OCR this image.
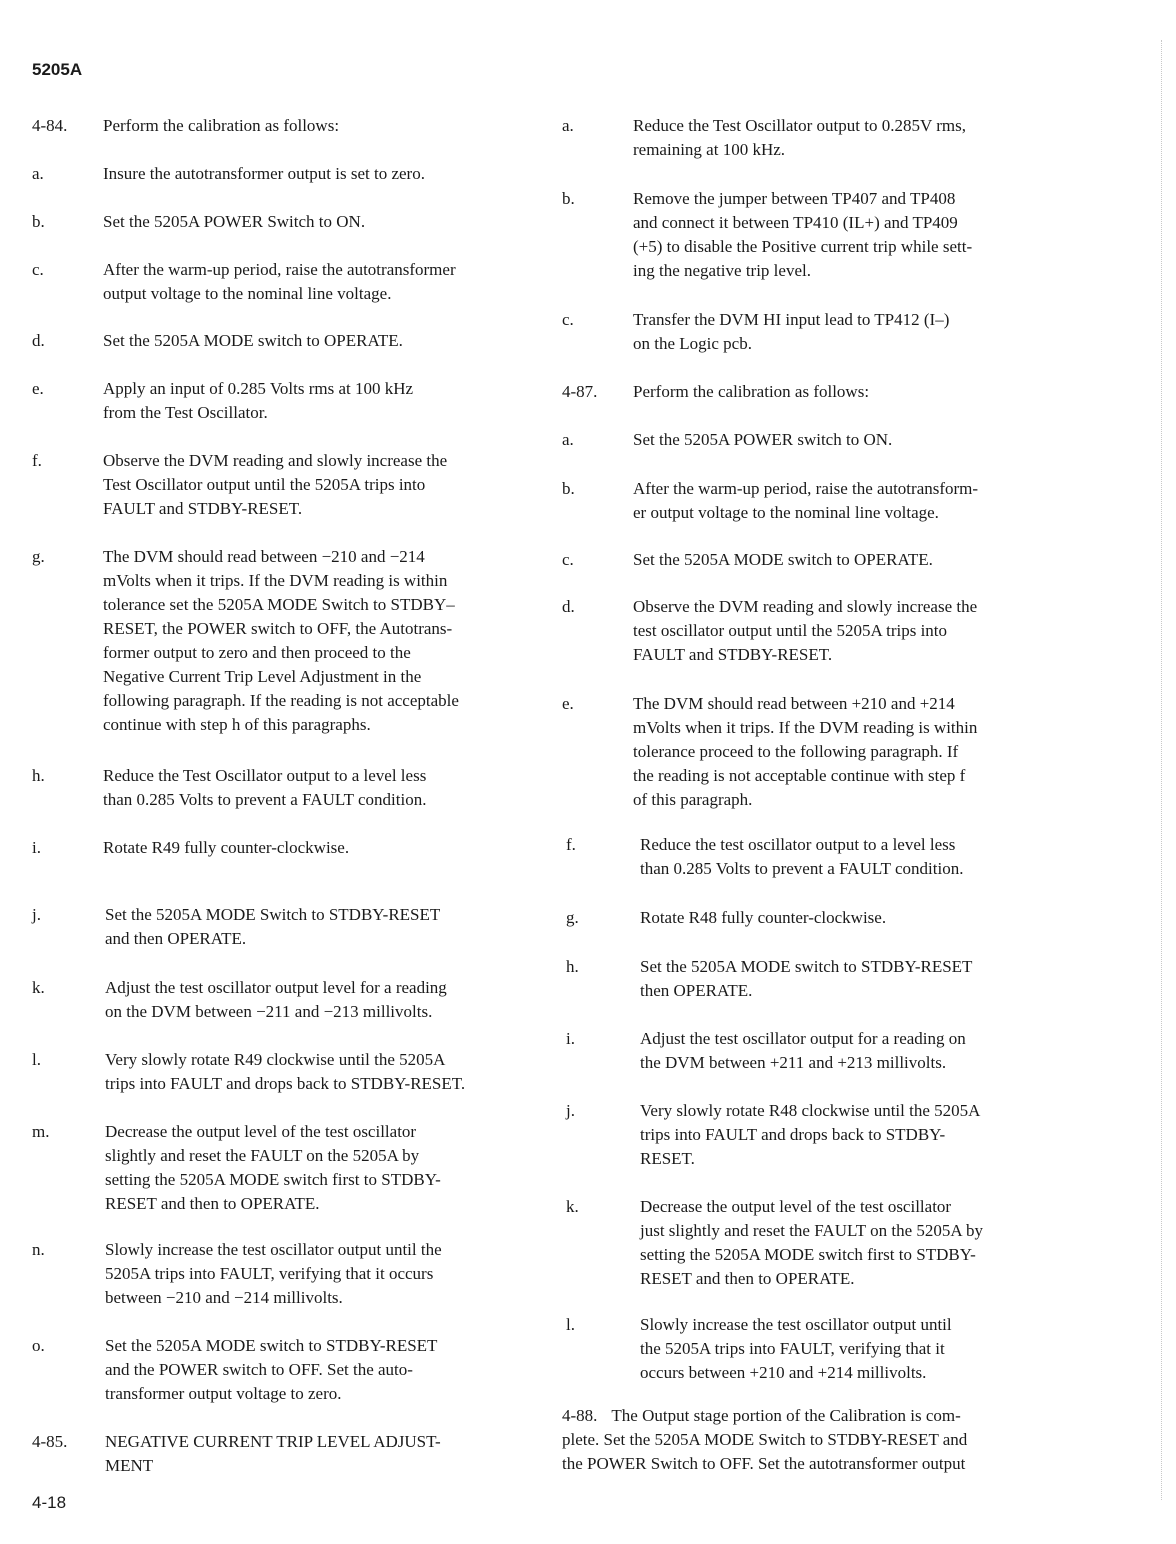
5205A
4-84. Perform the calibration as follows:
a.	Insure the autotransformer output is set to zero.
b.	Set the 5205A POWER Switch to ON.
c.	After the warm-up period, raise the autotransformer
output voltage to the nominal line voltage.
d.	Set the 5205A MODE switch to OPERATE.
e.	Apply an input of 0.285 Volts rms at 100 kHz
from the Test Oscillator.
f.	Observe the DVM reading and slowly increase the
Test Oscillator output until the 5205A trips into
FAULT and STDBY-RESET.
g.	The DVM should read between −210 and −214
mVolts when it trips. If the DVM reading is within
tolerance set the 5205A MODE Switch to STDBY–
RESET, the POWER switch to OFF, the Autotrans-
former output to zero and then proceed to the
Negative Current Trip Level Adjustment in the
following paragraph. If the reading is not acceptable
continue with step h of this paragraphs.
h.	Reduce the Test Oscillator output to a level less
than 0.285 Volts to prevent a FAULT condition.
i.	Rotate R49 fully counter-clockwise.
j.	Set the 5205A MODE Switch to STDBY-RESET
and then OPERATE.
k.	Adjust the test oscillator output level for a reading
on the DVM between −211 and −213 millivolts.
l.	Very slowly rotate R49 clockwise until the 5205A
trips into FAULT and drops back to STDBY-RESET.
m.	Decrease the output level of the test oscillator
slightly and reset the FAULT on the 5205A by
setting the 5205A MODE switch first to STDBY-
RESET and then to OPERATE.
n.	Slowly increase the test oscillator output until the
5205A trips into FAULT, verifying that it occurs
between −210 and −214 millivolts.
o.	Set the 5205A MODE switch to STDBY-RESET
and the POWER switch to OFF. Set the auto-
transformer output voltage to zero.
4-85. NEGATIVE CURRENT TRIP LEVEL ADJUST-
MENT
a.	Reduce the Test Oscillator output to 0.285V rms,
remaining at 100 kHz.
b.	Remove the jumper between TP407 and TP408
and connect it between TP410 (IL+) and TP409
(+5) to disable the Positive current trip while sett-
ing the negative trip level.
c.	Transfer the DVM HI input lead to TP412 (I–)
on the Logic pcb.
4-87. Perform the calibration as follows:
a.	Set the 5205A POWER switch to ON.
b.	After the warm-up period, raise the autotransform-
er output voltage to the nominal line voltage.
c.	Set the 5205A MODE switch to OPERATE.
d.	Observe the DVM reading and slowly increase the
test oscillator output until the 5205A trips into
FAULT and STDBY-RESET.
e.	The DVM should read between +210 and +214
mVolts when it trips. If the DVM reading is within
tolerance proceed to the following paragraph. If
the reading is not acceptable continue with step f
of this paragraph.
f.	Reduce the test oscillator output to a level less
than 0.285 Volts to prevent a FAULT condition.
g.	Rotate R48 fully counter-clockwise.
h.	Set the 5205A MODE switch to STDBY-RESET
then OPERATE.
i.	Adjust the test oscillator output for a reading on
the DVM between +211 and +213 millivolts.
j.	Very slowly rotate R48 clockwise until the 5205A
trips into FAULT and drops back to STDBY-
RESET.
k.	Decrease the output level of the test oscillator
just slightly and reset the FAULT on the 5205A by
setting the 5205A MODE switch first to STDBY-
RESET and then to OPERATE.
l.	Slowly increase the test oscillator output until
the 5205A trips into FAULT, verifying that it
occurs between +210 and +214 millivolts.
4-88. The Output stage portion of the Calibration is com-
plete. Set the 5205A MODE Switch to STDBY-RESET and
the POWER Switch to OFF. Set the autotransformer output
4-18
